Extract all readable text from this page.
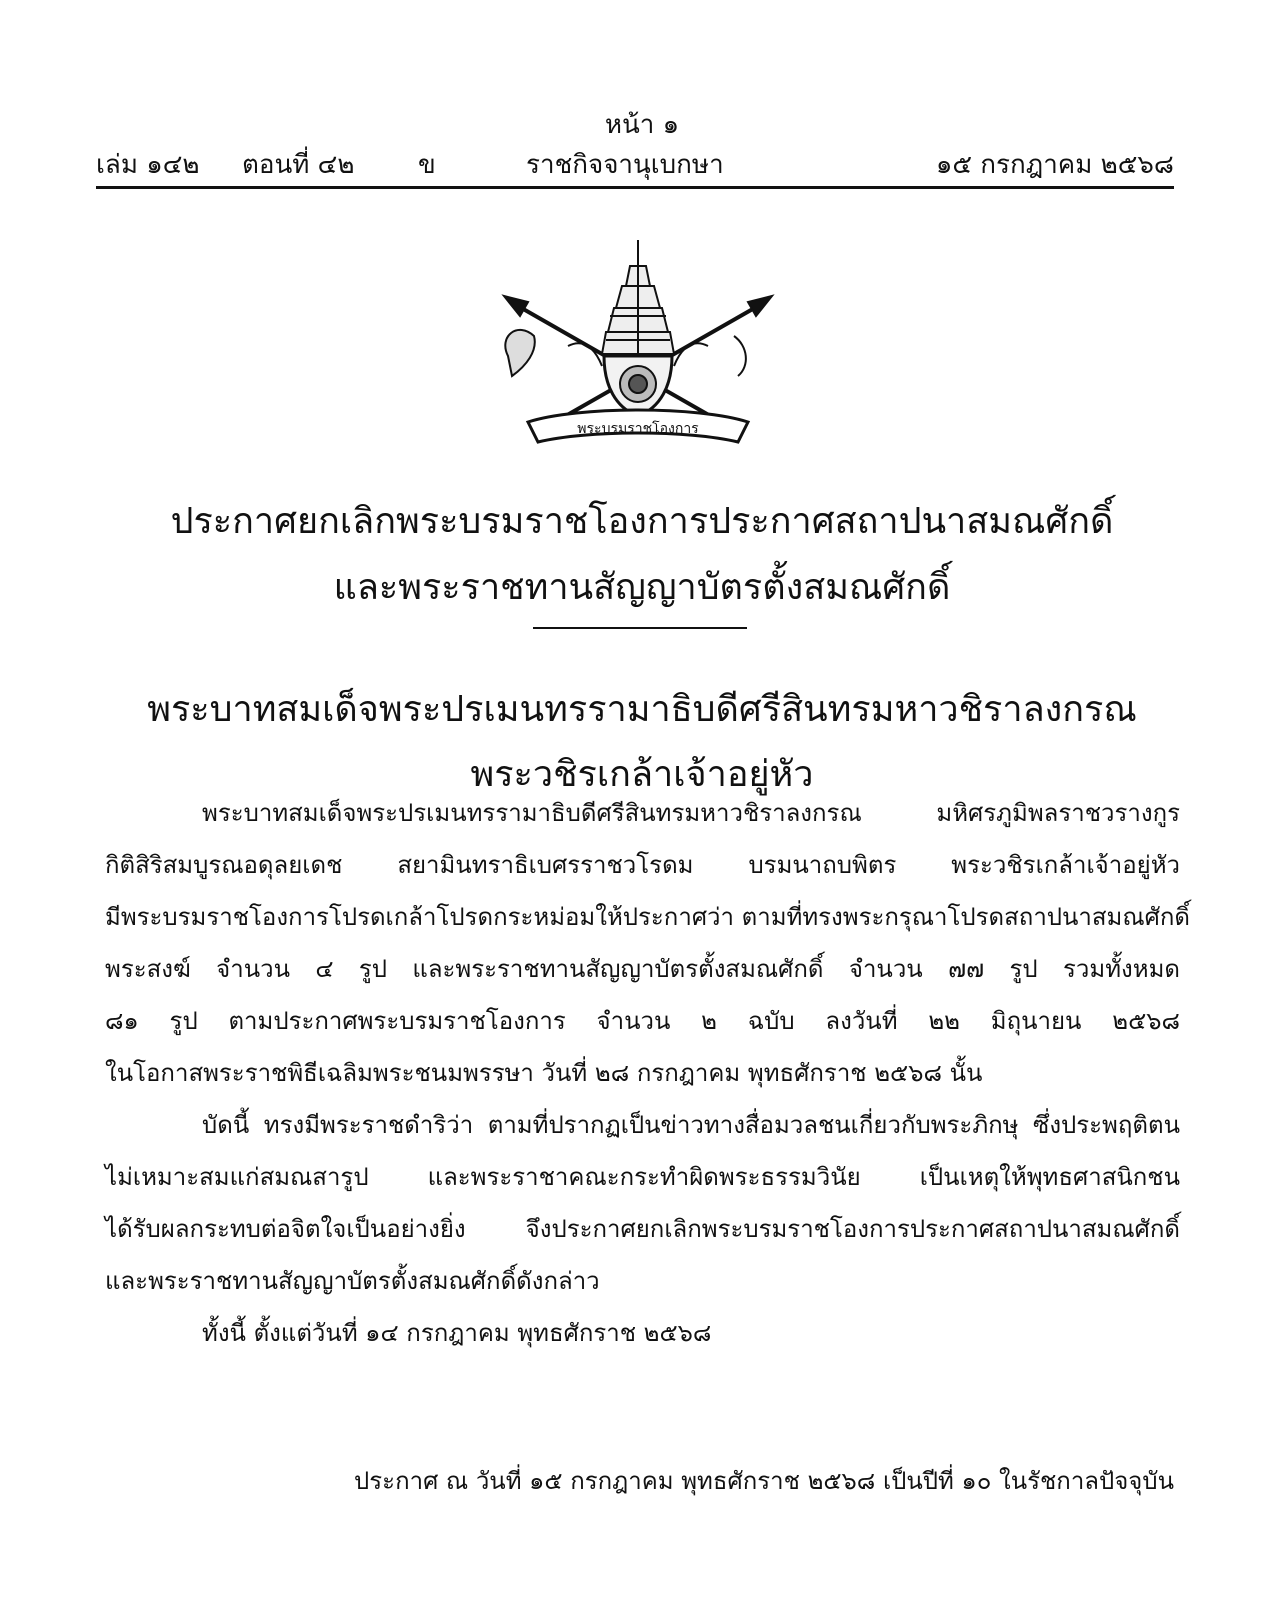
หน้า ๑
เล่ม ๑๔๒ ตอนที่ ๔๒ ข	ราชกิจจานุเบกษา	๑๕ กรกฎาคม ๒๕๖๘
พระบรมราชโองการ
ประกาศยกเลิกพระบรมราชโองการประกาศสถาปนาสมณศักดิ์
และพระราชทานสัญญาบัตรตั้งสมณศักดิ์
พระบาทสมเด็จพระปรเมนทรรามาธิบดีศรีสินทรมหาวชิราลงกรณ
พระวชิรเกล้าเจ้าอยู่หัว
พระบาทสมเด็จพระปรเมนทรรามาธิบดีศรีสินทรมหาวชิราลงกรณ มหิศรภูมิพลราชวรางกูร
กิติสิริสมบูรณอดุลยเดช สยามินทราธิเบศรราชวโรดม บรมนาถบพิตร พระวชิรเกล้าเจ้าอยู่หัว
มีพระบรมราชโองการโปรดเกล้าโปรดกระหม่อมให้ประกาศว่า ตามที่ทรงพระกรุณาโปรดสถาปนาสมณศักดิ์
พระสงฆ์ จำนวน ๔ รูป และพระราชทานสัญญาบัตรตั้งสมณศักดิ์ จำนวน ๗๗ รูป รวมทั้งหมด
๘๑ รูป ตามประกาศพระบรมราชโองการ จำนวน ๒ ฉบับ ลงวันที่ ๒๒ มิถุนายน ๒๕๖๘
ในโอกาสพระราชพิธีเฉลิมพระชนมพรรษา วันที่ ๒๘ กรกฎาคม พุทธศักราช ๒๕๖๘ นั้น
บัดนี้ ทรงมีพระราชดำริว่า ตามที่ปรากฏเป็นข่าวทางสื่อมวลชนเกี่ยวกับพระภิกษุ ซึ่งประพฤติตน
ไม่เหมาะสมแก่สมณสารูป และพระราชาคณะกระทำผิดพระธรรมวินัย เป็นเหตุให้พุทธศาสนิกชน
ได้รับผลกระทบต่อจิตใจเป็นอย่างยิ่ง จึงประกาศยกเลิกพระบรมราชโองการประกาศสถาปนาสมณศักดิ์
และพระราชทานสัญญาบัตรตั้งสมณศักดิ์ดังกล่าว
ทั้งนี้ ตั้งแต่วันที่ ๑๔ กรกฎาคม พุทธศักราช ๒๕๖๘
ประกาศ ณ วันที่ ๑๕ กรกฎาคม พุทธศักราช ๒๕๖๘ เป็นปีที่ ๑๐ ในรัชกาลปัจจุบัน
